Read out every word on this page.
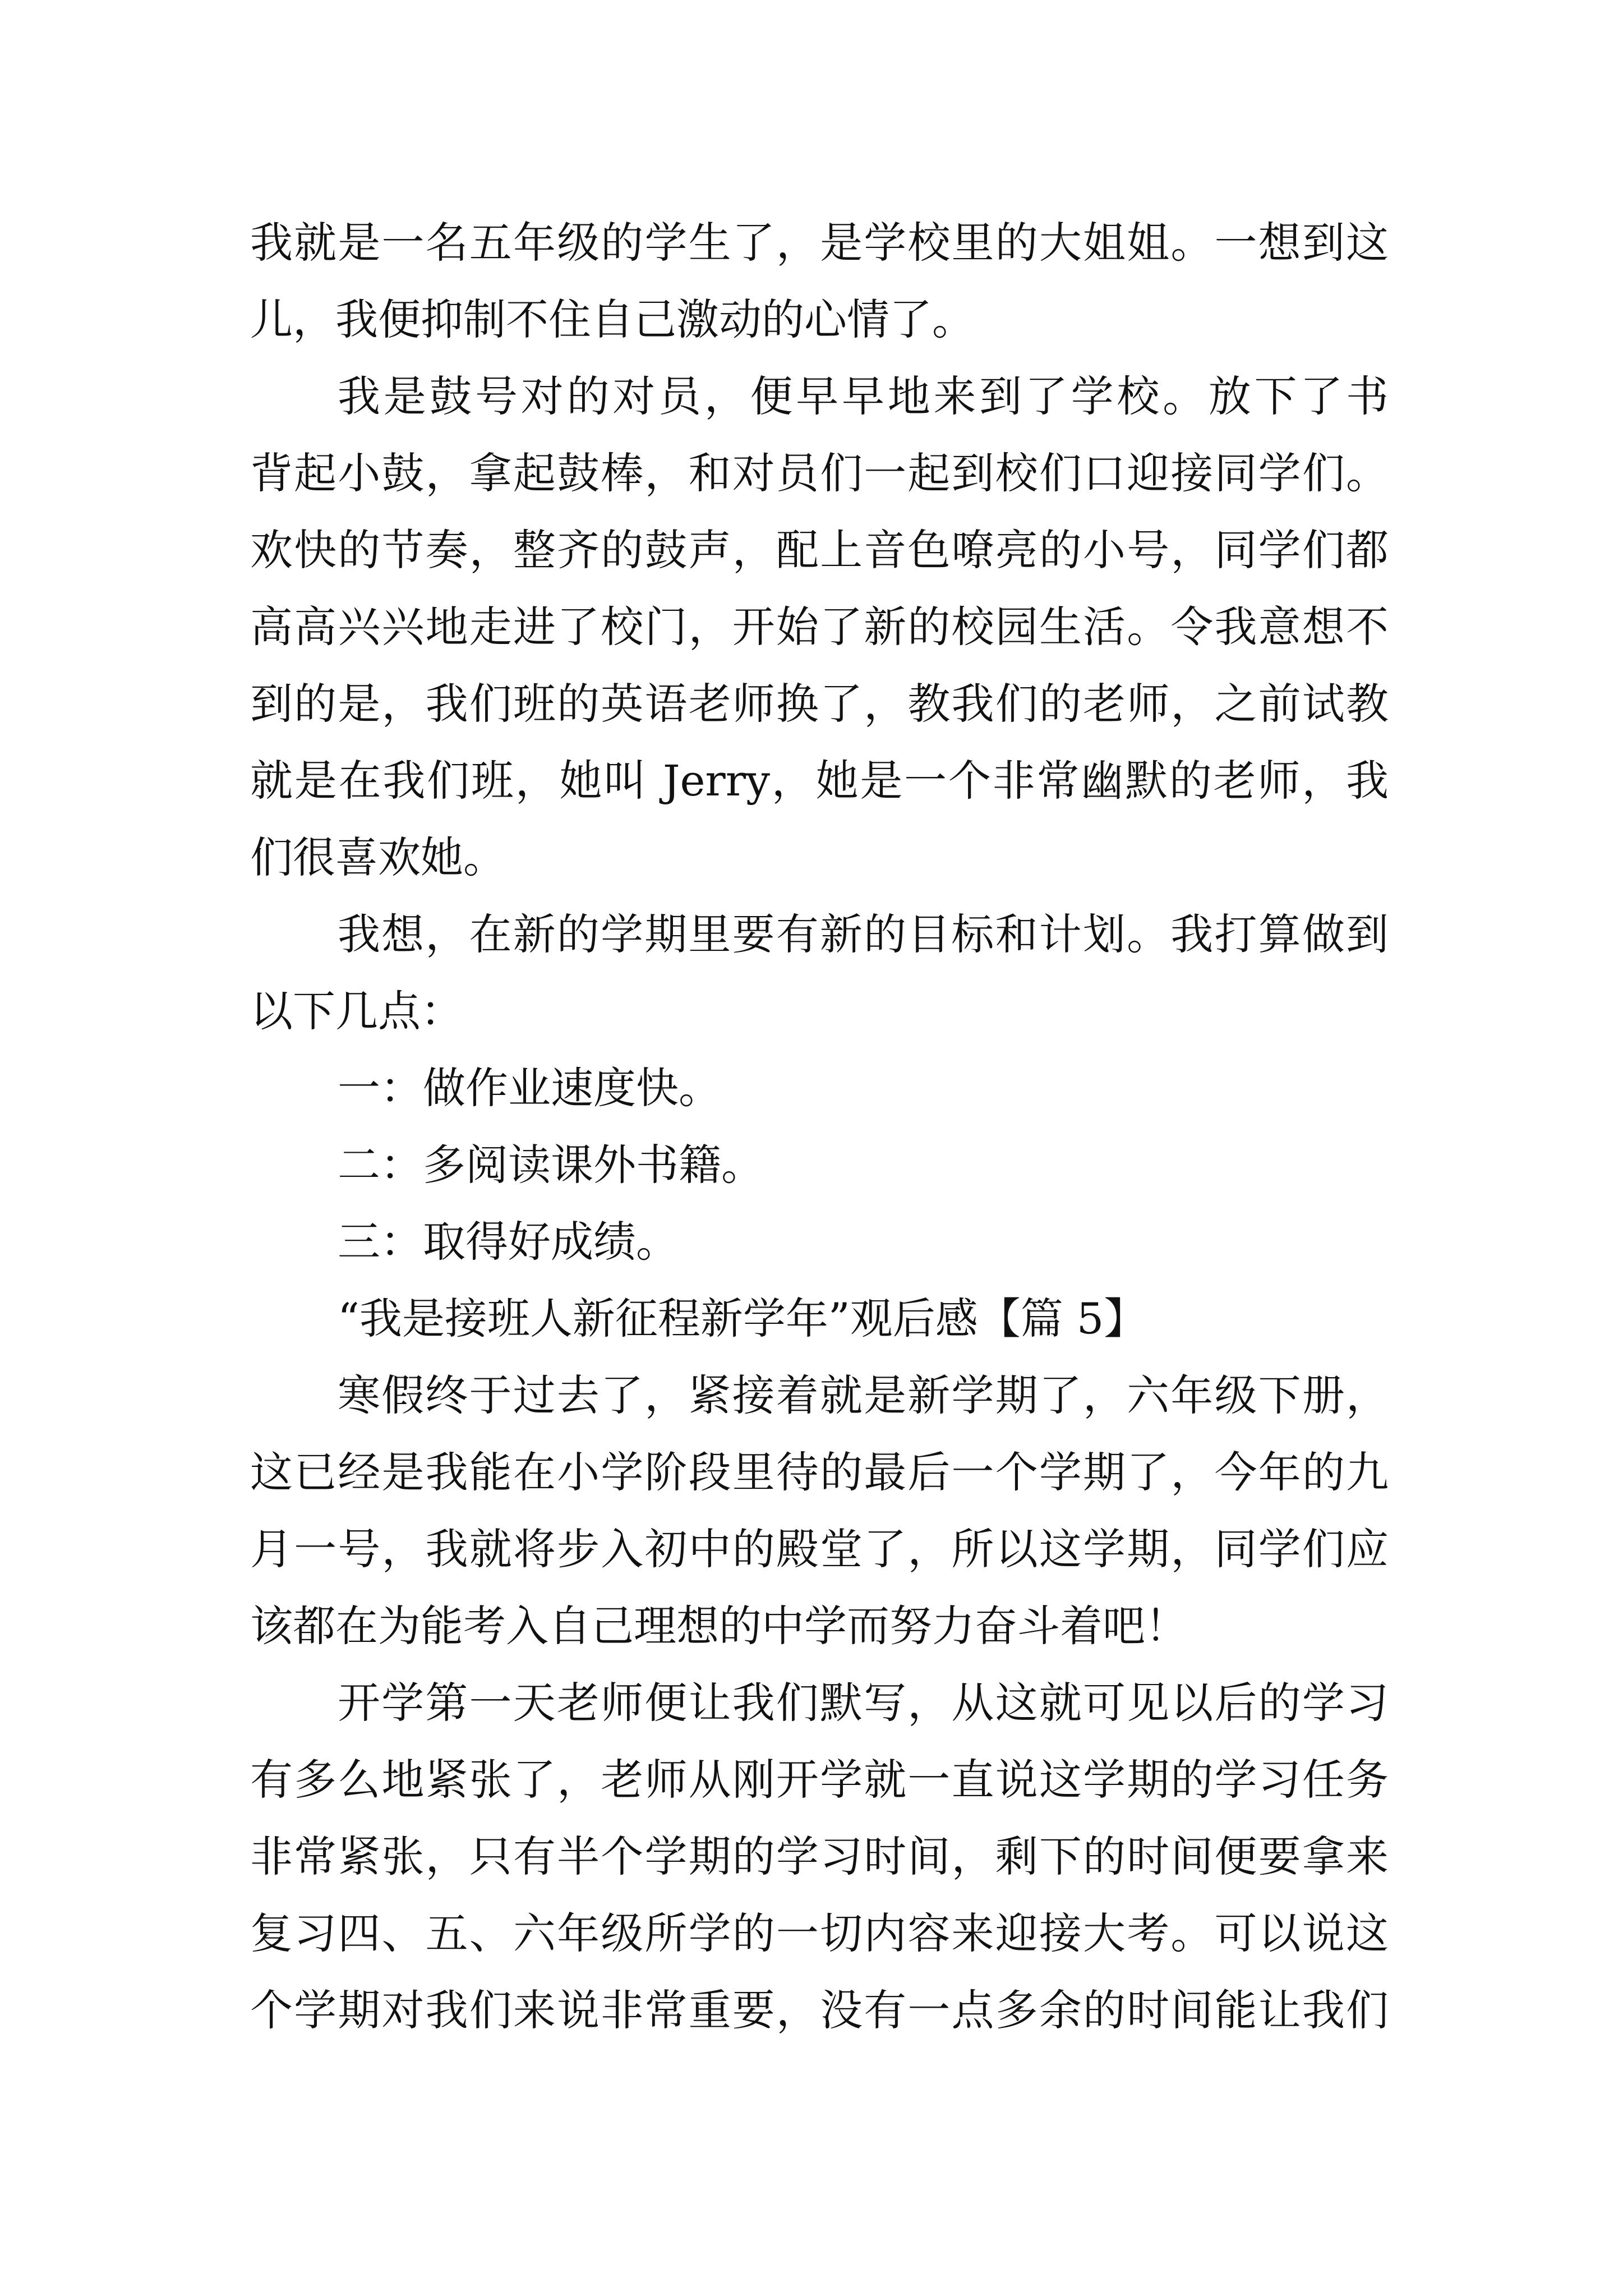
我就是一名五年级的学生了，是学校里的大姐姐。一想到这
儿，我便抑制不住自己激动的心情了。
我是鼓号对的对员，便早早地来到了学校。放下了书
背起小鼓，拿起鼓棒，和对员们一起到校们口迎接同学们。
欢快的节奏，整齐的鼓声，配上音色嘹亮的小号，同学们都
高高兴兴地走进了校门，开始了新的校园生活。令我意想不
到的是，我们班的英语老师换了，教我们的老师，之前试教
就是在我们班，她叫 Jerry，她是一个非常幽默的老师，我
们很喜欢她。
我想，在新的学期里要有新的目标和计划。我打算做到
以下几点：
一：做作业速度快。
二：多阅读课外书籍。
三：取得好成绩。
“我是接班人新征程新学年”观后感【篇 5】
寒假终于过去了，紧接着就是新学期了，六年级下册，
这已经是我能在小学阶段里待的最后一个学期了，今年的九
月一号，我就将步入初中的殿堂了，所以这学期，同学们应
该都在为能考入自己理想的中学而努力奋斗着吧！
开学第一天老师便让我们默写，从这就可见以后的学习
有多么地紧张了，老师从刚开学就一直说这学期的学习任务
非常紧张，只有半个学期的学习时间，剩下的时间便要拿来
复习四、五、六年级所学的一切内容来迎接大考。可以说这
个学期对我们来说非常重要，没有一点多余的时间能让我们
